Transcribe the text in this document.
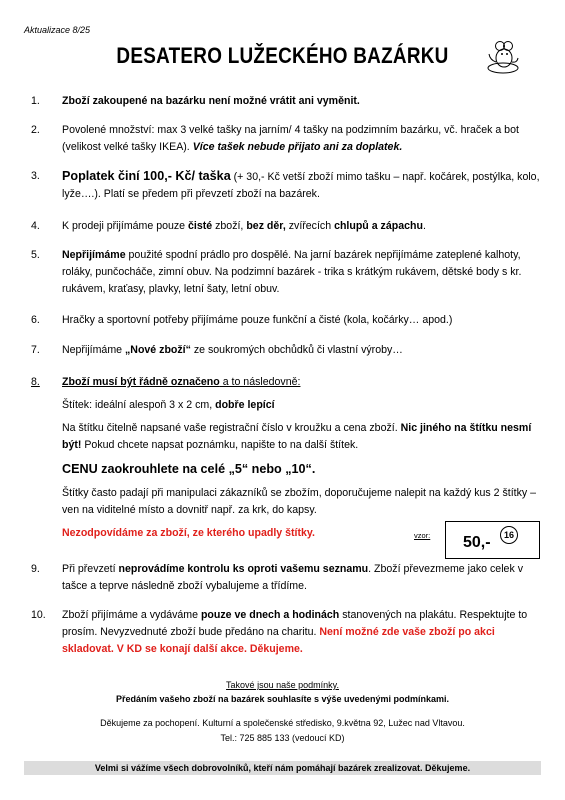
Aktualizace 8/25
DESATERO LUŽECKÉHO BAZÁRKU
1. Zboží zakoupené na bazárku není možné vrátit ani vyměnit.
2. Povolené množství: max 3 velké tašky na jarním/ 4 tašky na podzimním bazárku, vč. hraček a bot (velikost velké tašky IKEA). Více tašek nebude přijato ani za doplatek.
3. Poplatek činí 100,- Kč/ taška (+ 30,- Kč vetší zboží mimo tašku – např. kočárek, postýlka, kolo, lyže….). Platí se předem při převzetí zboží na bazárek.
4. K prodeji přijímáme pouze čisté zboží, bez děr, zvířecích chlupů a zápachu.
5. Nepřijímáme použité spodní prádlo pro dospělé. Na jarní bazárek nepřijímáme zateplené kalhoty, roláky, punčocháče, zimní obuv. Na podzimní bazárek - trika s krátkým rukávem, dětské body s kr. rukávem, kraťasy, plavky, letní šaty, letní obuv.
6. Hračky a sportovní potřeby přijímáme pouze funkční a čisté (kola, kočárky… apod.)
7. Nepřijímáme „Nové zboží“ ze soukromých obchůdků či vlastní výroby…
8. Zboží musí být řádně označeno a to následovně:
Štítek: ideální alespoň 3 x 2 cm, dobře lepící
Na štítku čitelně napsané vaše registrační číslo v kroužku a cena zboží. Nic jiného na štítku nesmí být! Pokud chcete napsat poznámku, napište to na další štítek.
CENU zaokrouhlete na celé „5“ nebo „10“.
Štítky často padají při manipulaci zákazníků se zbožím, doporučujeme nalepit na každý kus 2 štítky – ven na viditelné místo a dovnitř např. za krk, do kapsy.
Nezodpovídáme za zboží, ze kterého upadly štítky.	vzor: 50,-	16
9. Při převzetí neprovádíme kontrolu ks oproti vašemu seznamu. Zboží převezmeme jako celek v tašce a teprve následně zboží vybalujeme a třídíme.
10. Zboží přijímáme a vydáváme pouze ve dnech a hodinách stanovených na plakátu. Respektujte to prosím. Nevyzvednuté zboží bude předáno na charitu. Není možné zde vaše zboží po akci skladovat. V KD se konají další akce. Děkujeme.
Takové jsou naše podmínky.
Předáním vašeho zboží na bazárek souhlasíte s výše uvedenými podmínkami.
Děkujeme za pochopení. Kulturní a společenské středisko, 9.května 92, Lužec nad Vltavou.
Tel.: 725 885 133 (vedoucí KD)
Velmi si vážíme všech dobrovolníků, kteří nám pomáhají bazárek zrealizovat. Děkujeme.
